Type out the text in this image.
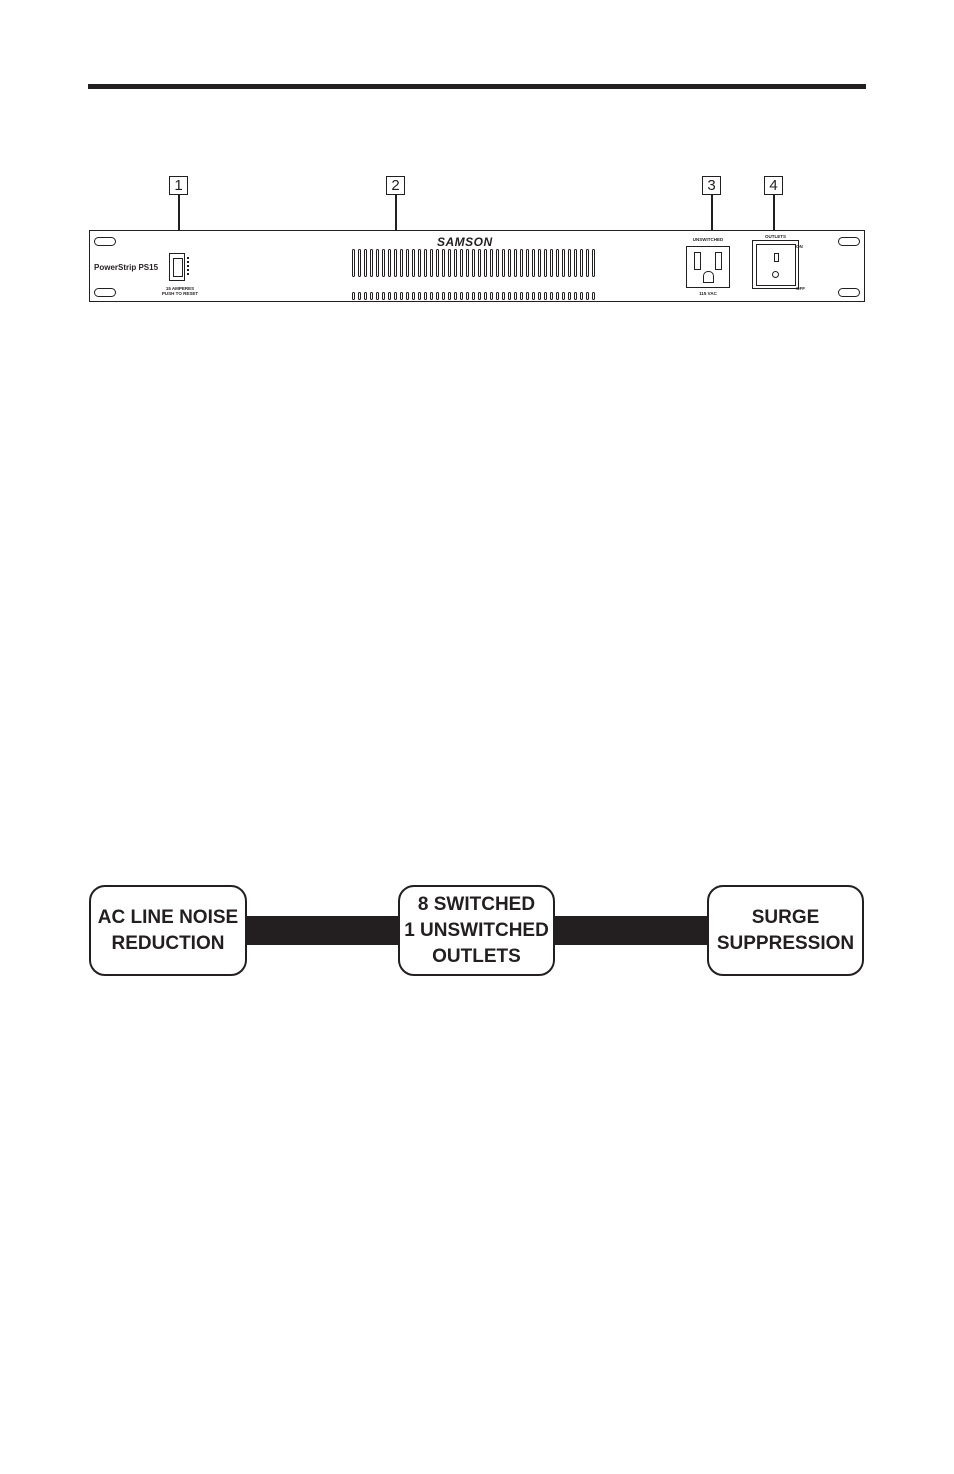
1	2	3	4
PowerStrip PS15
15 AMPERES
PUSH TO RESET
SAMSON	UNSWITCHED
115 VAC
OUTLETS
ON
OFF
AC LINE NOISE
REDUCTION
8 SWITCHED
1 UNSWITCHED
OUTLETS
SURGE
SUPPRESSION
